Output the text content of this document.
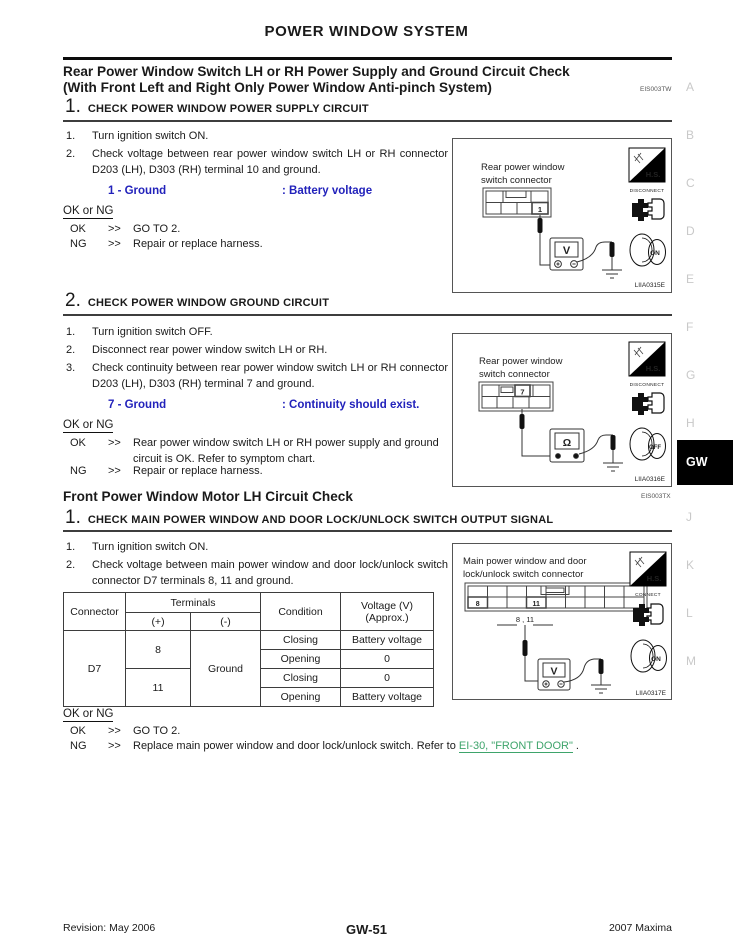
POWER WINDOW SYSTEM
Rear Power Window Switch LH or RH Power Supply and Ground Circuit Check
(With Front Left and Right Only Power Window Anti-pinch System)	EIS003TW
1. CHECK POWER WINDOW POWER SUPPLY CIRCUIT
1.	Turn ignition switch ON.
2.	Check voltage between rear power window switch LH or RH connector D203 (LH), D303 (RH) terminal 10 and ground.
1 - Ground	: Battery voltage
OK or NG
OK	>>	GO TO 2.
NG	>>	Repair or replace harness.
Rear power window
switch connector
1
V
H.S.
DISCONNECT
ON
LIIA0315E
2. CHECK POWER WINDOW GROUND CIRCUIT
1.	Turn ignition switch OFF.
2.	Disconnect rear power window switch LH or RH.
3.	Check continuity between rear power window switch LH or RH connector D203 (LH), D303 (RH) terminal 7 and ground.
7 - Ground	: Continuity should exist.
OK or NG
OK	>>	Rear power window switch LH or RH power supply and ground circuit is OK. Refer to symptom chart.
NG	>>	Repair or replace harness.
Rear power window
switch connector
7
Ω
H.S.
DISCONNECT
OFF
LIIA0316E
Front Power Window Motor LH Circuit Check	EIS003TX
1. CHECK MAIN POWER WINDOW AND DOOR LOCK/UNLOCK SWITCH OUTPUT SIGNAL
1.	Turn ignition switch ON.
2.	Check voltage between main power window and door lock/unlock switch connector D7 terminals 8, 11 and ground.
Connector	Terminals		Condition	Voltage (V)
(Approx.)

	(+)	(-)		
D7	8	Ground	Closing	Battery voltage
			Opening	0
	11		Closing	0
			Opening	Battery voltage
OK or NG
OK	>>	GO TO 2.
NG	>>	Replace main power window and door lock/unlock switch. Refer to EI-30, "FRONT DOOR" .
Main power window and door
lock/unlock switch connector
8	11
8 , 11
V
H.S.
CONNECT
ON
LIIA0317E
A
B
C
D
E
F
G
H
GW
J
K
L
M
GW-51
Revision: May 2006	2007 Maxima
